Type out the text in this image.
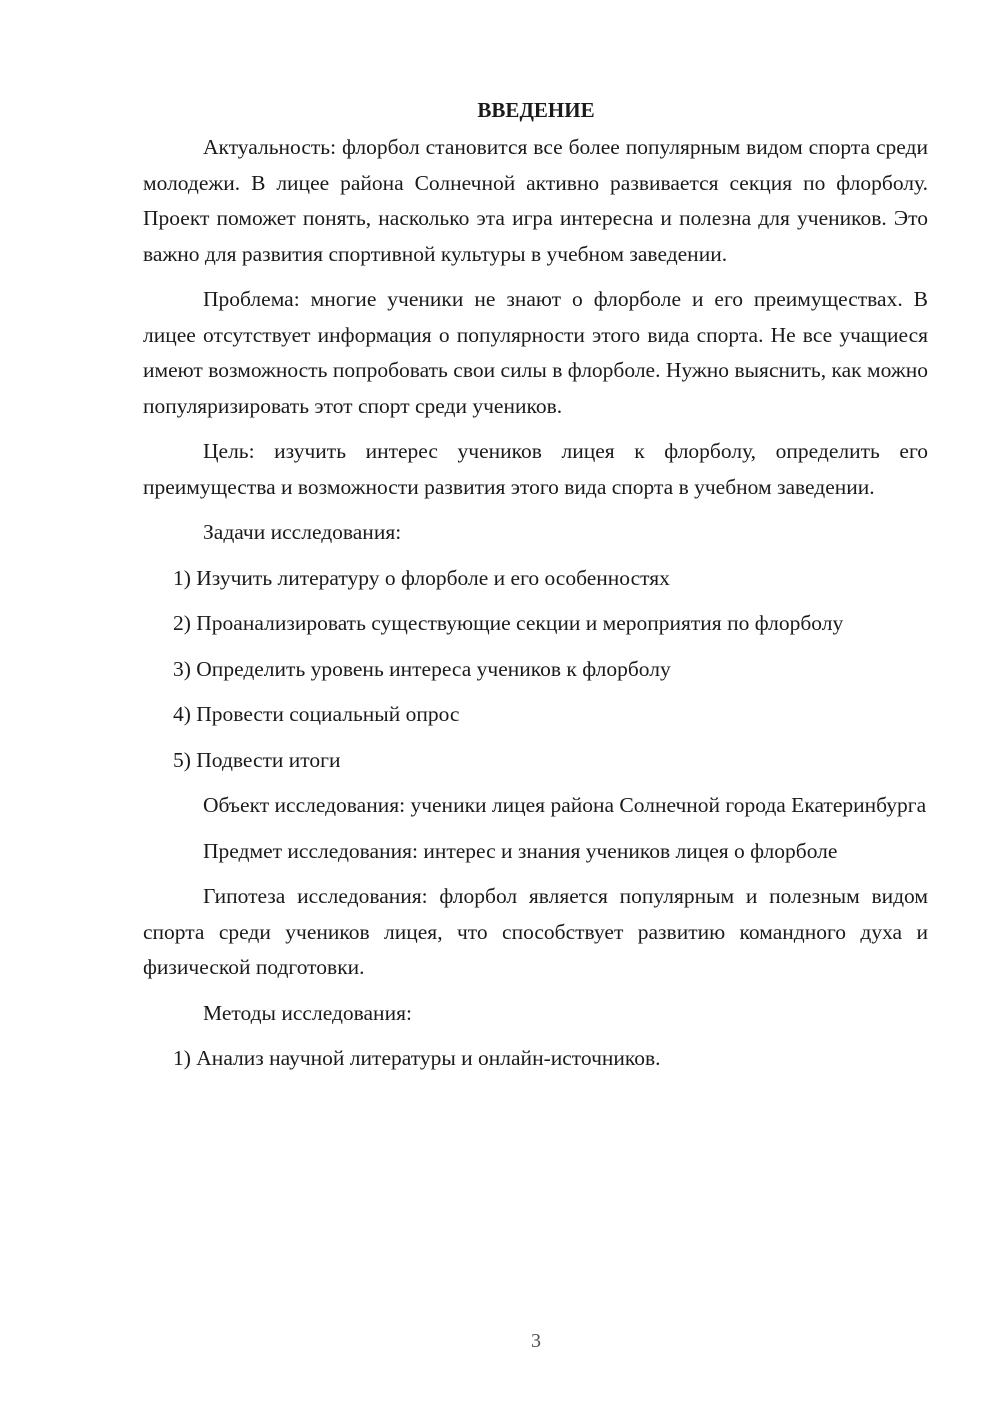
ВВЕДЕНИЕ

Актуальность: флорбол становится все более популярным видом спорта среди молодежи. В лицее района Солнечной активно развивается секция по флорболу. Проект поможет понять, насколько эта игра интересна и полезна для учеников. Это важно для развития спортивной культуры в учебном заведении.

Проблема: многие ученики не знают о флорболе и его преимуществах. В лицее отсутствует информация о популярности этого вида спорта. Не все учащиеся имеют возможность попробовать свои силы в флорболе. Нужно выяснить, как можно популяризировать этот спорт среди учеников.

Цель: изучить интерес учеников лицея к флорболу, определить его преимущества и возможности развития этого вида спорта в учебном заведении.

Задачи исследования:

1) Изучить литературу о флорболе и его особенностях

2) Проанализировать существующие секции и мероприятия по флорболу

3) Определить уровень интереса учеников к флорболу

4) Провести социальный опрос

5) Подвести итоги

Объект исследования: ученики лицея района Солнечной города Екатеринбурга

Предмет исследования: интерес и знания учеников лицея о флорболе

Гипотеза исследования: флорбол является популярным и полезным видом спорта среди учеников лицея, что способствует развитию командного духа и физической подготовки.

Методы исследования:

1) Анализ научной литературы и онлайн-источников.

3
